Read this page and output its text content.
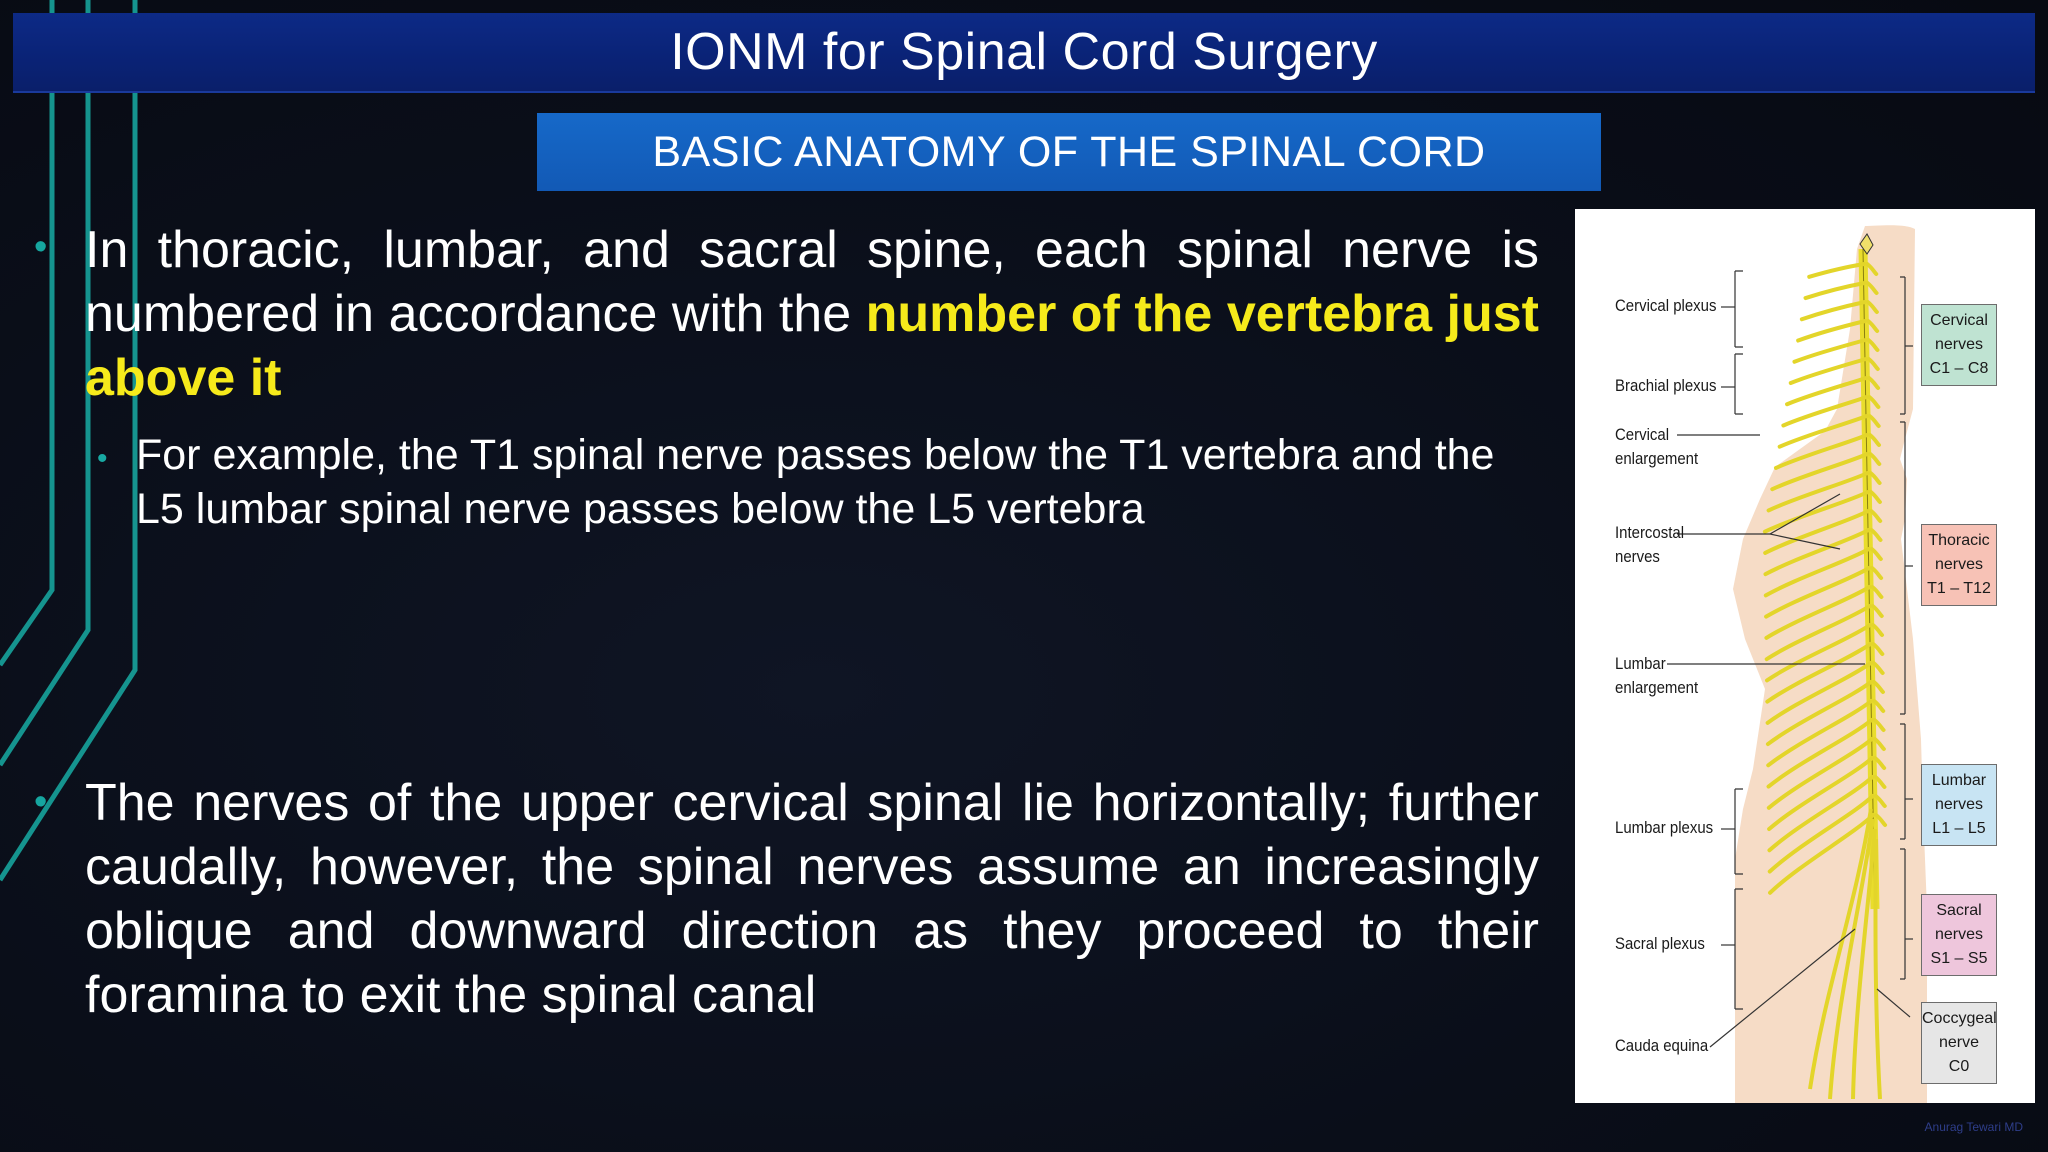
IONM for Spinal Cord Surgery
BASIC ANATOMY OF THE SPINAL CORD
• In thoracic, lumbar, and sacral spine, each spinal nerve is numbered in accordance with the number of the vertebra just above it
• For example, the T1 spinal nerve passes below the T1 vertebra and the L5 lumbar spinal nerve passes below the L5 vertebra
• The nerves of the upper cervical spinal lie horizontally; further caudally, however, the spinal nerves assume an increasingly oblique and downward direction as they proceed to their foramina to exit the spinal canal
Cervical plexus
Brachial plexus
Cervical
enlargement
Intercostal
nerves
Lumbar
enlargement
Lumbar plexus
Sacral plexus
Cauda equina
Cervical
nerves
C1 – C8
Thoracic
nerves
T1 – T12
Lumbar
nerves
L1 – L5
Sacral
nerves
S1 – S5
Coccygeal
nerve
C0
Anurag Tewari MD
